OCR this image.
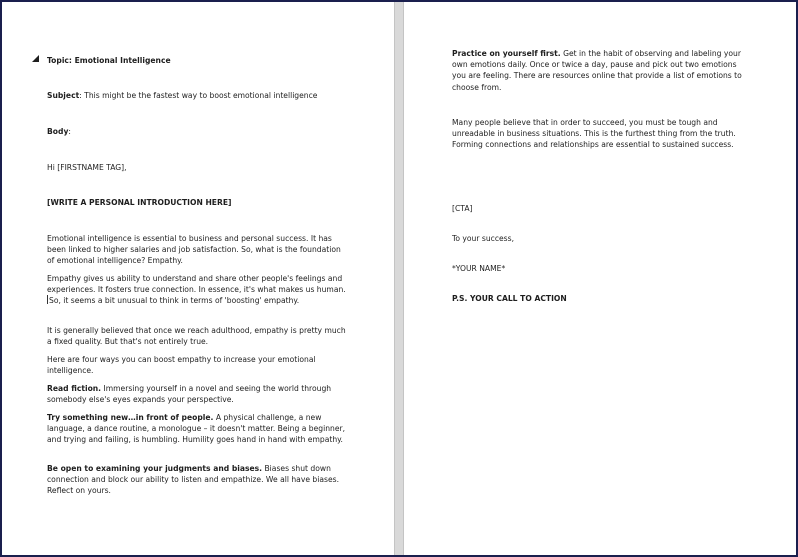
Topic: Emotional Intelligence

Subject: This might be the fastest way to boost emotional intelligence

Body:

Hi [FIRSTNAME TAG],

[WRITE A PERSONAL INTRODUCTION HERE]

Emotional intelligence is essential to business and personal success. It has been linked to higher salaries and job satisfaction. So, what is the foundation of emotional intelligence? Empathy.

Empathy gives us ability to understand and share other people's feelings and experiences. It fosters true connection. In essence, it's what makes us human. So, it seems a bit unusual to think in terms of 'boosting' empathy.

It is generally believed that once we reach adulthood, empathy is pretty much a fixed quality. But that's not entirely true.

Here are four ways you can boost empathy to increase your emotional intelligence.

Read fiction. Immersing yourself in a novel and seeing the world through somebody else's eyes expands your perspective.

Try something new…in front of people. A physical challenge, a new language, a dance routine, a monologue – it doesn't matter. Being a beginner, and trying and failing, is humbling. Humility goes hand in hand with empathy.

Be open to examining your judgments and biases. Biases shut down connection and block our ability to listen and empathize. We all have biases. Reflect on yours.

Practice on yourself first. Get in the habit of observing and labeling your own emotions daily. Once or twice a day, pause and pick out two emotions you are feeling. There are resources online that provide a list of emotions to choose from.

Many people believe that in order to succeed, you must be tough and unreadable in business situations. This is the furthest thing from the truth. Forming connections and relationships are essential to sustained success.

[CTA]

To your success,

*YOUR NAME*

P.S. YOUR CALL TO ACTION
